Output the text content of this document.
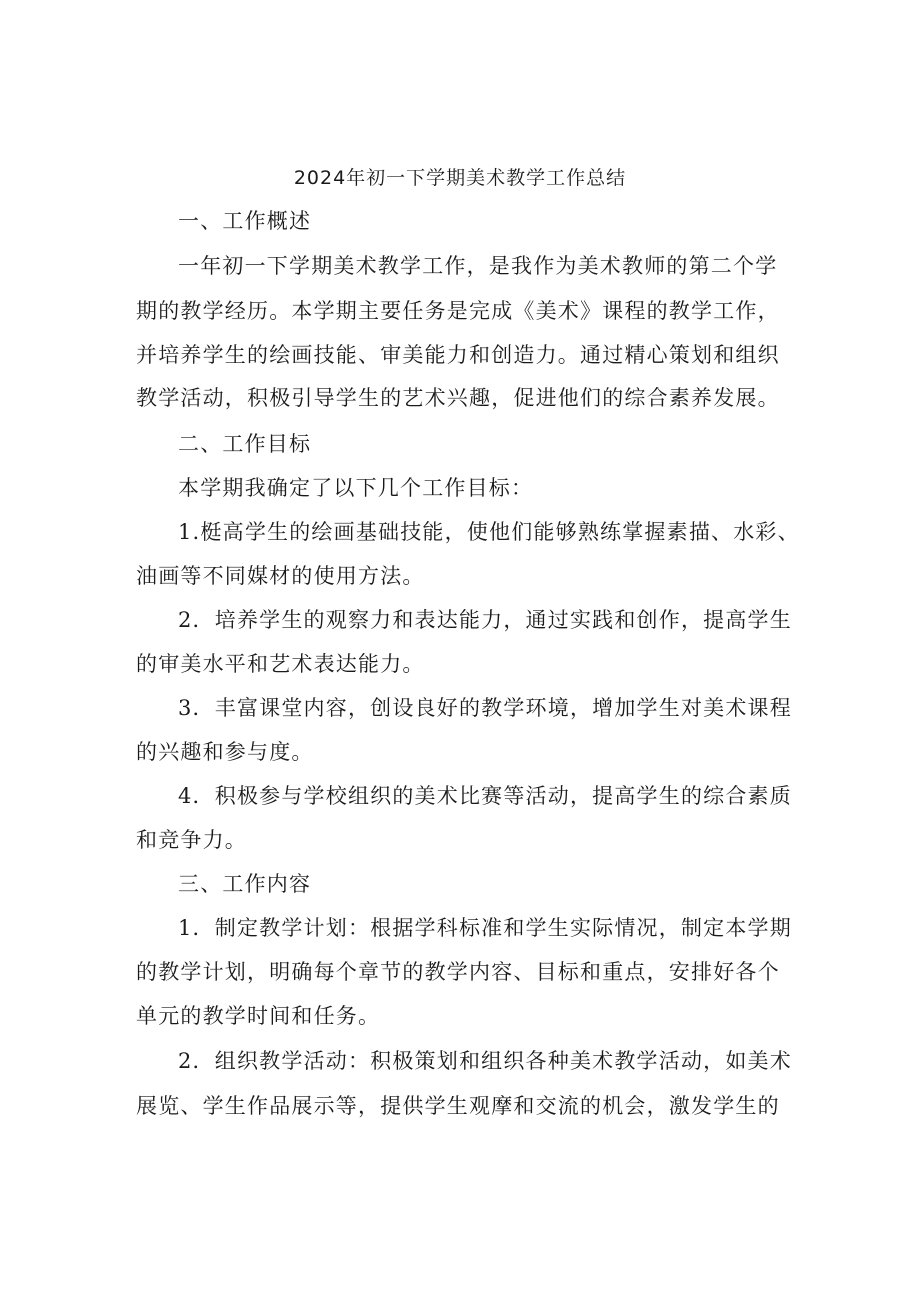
2024年初一下学期美术教学工作总结
一、工作概述
一年初一下学期美术教学工作，是我作为美术教师的第二个学
期的教学经历。本学期主要任务是完成《美术》课程的教学工作，
并培养学生的绘画技能、审美能力和创造力。通过精心策划和组织
教学活动，积极引导学生的艺术兴趣，促进他们的综合素养发展。
二、工作目标
本学期我确定了以下几个工作目标：
1.梃高学生的绘画基础技能，使他们能够熟练掌握素描、水彩、
油画等不同媒材的使用方法。
2．培养学生的观察力和表达能力，通过实践和创作，提高学生
的审美水平和艺术表达能力。
3．丰富课堂内容，创设良好的教学环境，增加学生对美术课程
的兴趣和参与度。
4．积极参与学校组织的美术比赛等活动，提高学生的综合素质
和竞争力。
三、工作内容
1．制定教学计划：根据学科标准和学生实际情况，制定本学期
的教学计划，明确每个章节的教学内容、目标和重点，安排好各个
单元的教学时间和任务。
2．组织教学活动：积极策划和组织各种美术教学活动，如美术
展览、学生作品展示等，提供学生观摩和交流的机会，激发学生的
